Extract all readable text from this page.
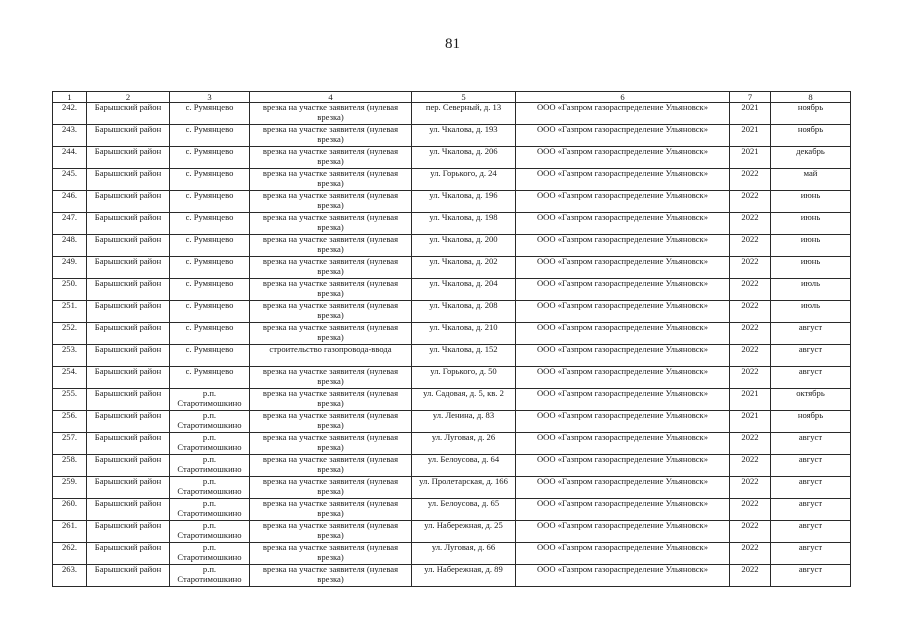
81
1	2	3	4	5	6	7	8
242.	Барышский район	с. Румянцево	врезка на участке заявителя (нулевая врезка)	пер. Северный, д. 13	ООО «Газпром газораспределение Ульяновск»	2021	ноябрь
243.	Барышский район	с. Румянцево	врезка на участке заявителя (нулевая врезка)	ул. Чкалова, д. 193	ООО «Газпром газораспределение Ульяновск»	2021	ноябрь
244.	Барышский район	с. Румянцево	врезка на участке заявителя (нулевая врезка)	ул. Чкалова, д. 206	ООО «Газпром газораспределение Ульяновск»	2021	декабрь
245.	Барышский район	с. Румянцево	врезка на участке заявителя (нулевая врезка)	ул. Горького, д. 24	ООО «Газпром газораспределение Ульяновск»	2022	май
246.	Барышский район	с. Румянцево	врезка на участке заявителя (нулевая врезка)	ул. Чкалова, д. 196	ООО «Газпром газораспределение Ульяновск»	2022	июнь
247.	Барышский район	с. Румянцево	врезка на участке заявителя (нулевая врезка)	ул. Чкалова, д. 198	ООО «Газпром газораспределение Ульяновск»	2022	июнь
248.	Барышский район	с. Румянцево	врезка на участке заявителя (нулевая врезка)	ул. Чкалова, д. 200	ООО «Газпром газораспределение Ульяновск»	2022	июнь
249.	Барышский район	с. Румянцево	врезка на участке заявителя (нулевая врезка)	ул. Чкалова, д. 202	ООО «Газпром газораспределение Ульяновск»	2022	июнь
250.	Барышский район	с. Румянцево	врезка на участке заявителя (нулевая врезка)	ул. Чкалова, д. 204	ООО «Газпром газораспределение Ульяновск»	2022	июль
251.	Барышский район	с. Румянцево	врезка на участке заявителя (нулевая врезка)	ул. Чкалова, д. 208	ООО «Газпром газораспределение Ульяновск»	2022	июль
252.	Барышский район	с. Румянцево	врезка на участке заявителя (нулевая врезка)	ул. Чкалова, д. 210	ООО «Газпром газораспределение Ульяновск»	2022	август
253.	Барышский район	с. Румянцево	строительство газопровода-ввода	ул. Чкалова, д. 152	ООО «Газпром газораспределение Ульяновск»	2022	август
254.	Барышский район	с. Румянцево	врезка на участке заявителя (нулевая врезка)	ул. Горького, д. 50	ООО «Газпром газораспределение Ульяновск»	2022	август
255.	Барышский район	р.п. Старотимошкино	врезка на участке заявителя (нулевая врезка)	ул. Садовая, д. 5, кв. 2	ООО «Газпром газораспределение Ульяновск»	2021	октябрь
256.	Барышский район	р.п. Старотимошкино	врезка на участке заявителя (нулевая врезка)	ул. Ленина, д. 83	ООО «Газпром газораспределение Ульяновск»	2021	ноябрь
257.	Барышский район	р.п. Старотимошкино	врезка на участке заявителя (нулевая врезка)	ул. Луговая, д. 26	ООО «Газпром газораспределение Ульяновск»	2022	август
258.	Барышский район	р.п. Старотимошкино	врезка на участке заявителя (нулевая врезка)	ул. Белоусова, д. 64	ООО «Газпром газораспределение Ульяновск»	2022	август
259.	Барышский район	р.п. Старотимошкино	врезка на участке заявителя (нулевая врезка)	ул. Пролетарская, д. 166	ООО «Газпром газораспределение Ульяновск»	2022	август
260.	Барышский район	р.п. Старотимошкино	врезка на участке заявителя (нулевая врезка)	ул. Белоусова, д. 65	ООО «Газпром газораспределение Ульяновск»	2022	август
261.	Барышский район	р.п. Старотимошкино	врезка на участке заявителя (нулевая врезка)	ул. Набережная, д. 25	ООО «Газпром газораспределение Ульяновск»	2022	август
262.	Барышский район	р.п. Старотимошкино	врезка на участке заявителя (нулевая врезка)	ул. Луговая, д. 66	ООО «Газпром газораспределение Ульяновск»	2022	август
263.	Барышский район	р.п. Старотимошкино	врезка на участке заявителя (нулевая врезка)	ул. Набережная, д. 89	ООО «Газпром газораспределение Ульяновск»	2022	август
